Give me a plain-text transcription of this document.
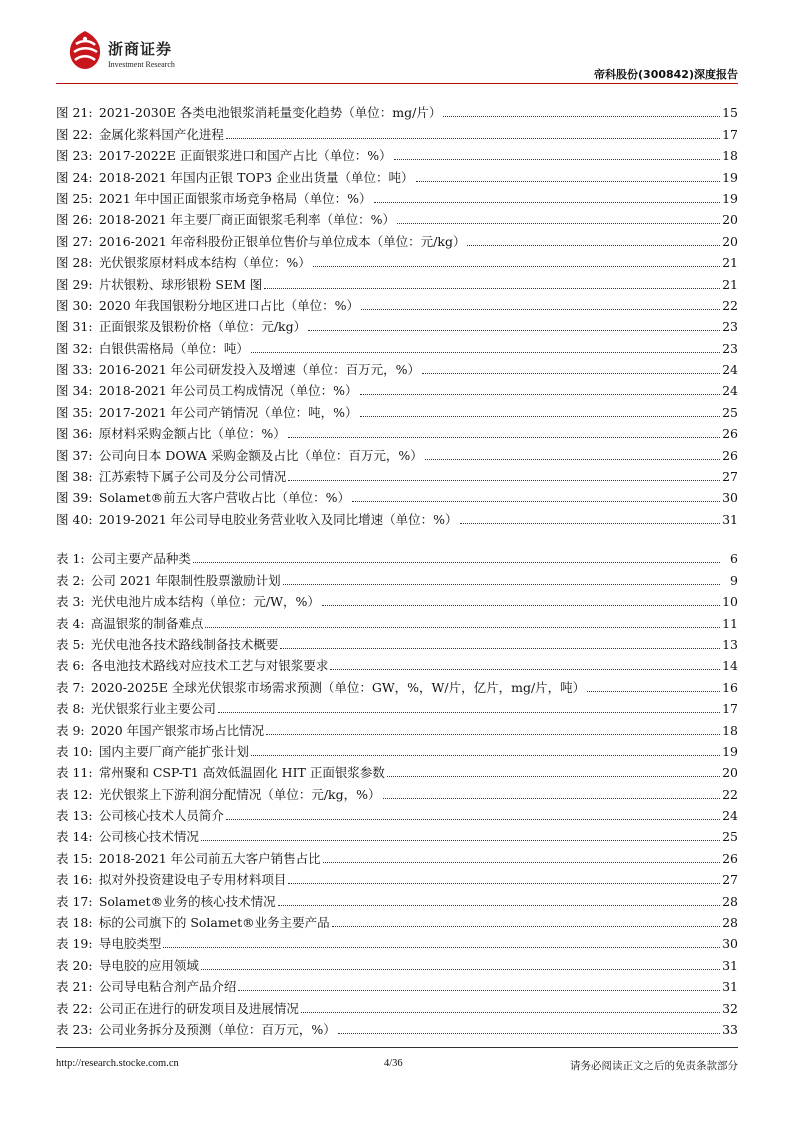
浙商证券
Investment Research
帝科股份(300842)深度报告
图 21:
  2021-2030E 各类电池银浆消耗量变化趋势（单位：mg/片）	15
图 22:
  金属化浆料国产化进程	17
图 23:
  2017-2022E 正面银浆进口和国产占比（单位：%）	18
图 24:
  2018-2021 年国内正银 TOP3 企业出货量（单位：吨）	19
图 25:
  2021 年中国正面银浆市场竞争格局（单位：%）	19
图 26:
  2018-2021 年主要厂商正面银浆毛利率（单位：%）	20
图 27:
  2016-2021 年帝科股份正银单位售价与单位成本（单位：元/kg）	20
图 28:
  光伏银浆原材料成本结构（单位：%）	21
图 29:
  片状银粉、球形银粉 SEM 图	21
图 30:
  2020 年我国银粉分地区进口占比（单位：%）	22
图 31:
  正面银浆及银粉价格（单位：元/kg）	23
图 32:
  白银供需格局（单位：吨）	23
图 33:
  2016-2021 年公司研发投入及增速（单位：百万元，%）	24
图 34:
  2018-2021 年公司员工构成情况（单位：%）	24
图 35:
  2017-2021 年公司产销情况（单位：吨，%）	25
图 36:
  原材料采购金额占比（单位：%）	26
图 37:
  公司向日本 DOWA 采购金额及占比（单位：百万元，%）	26
图 38:
  江苏索特下属子公司及分公司情况	27
图 39:
  Solamet®前五大客户营收占比（单位：%）	30
图 40:
  2019-2021 年公司导电胶业务营业收入及同比增速（单位：%）	31
表 1:
  公司主要产品种类	6
表 2:
  公司 2021 年限制性股票激励计划	9
表 3:
  光伏电池片成本结构（单位：元/W，%）	10
表 4:
  高温银浆的制备难点	11
表 5:
  光伏电池各技术路线制备技术概要	13
表 6:
  各电池技术路线对应技术工艺与对银浆要求	14
表 7:
  2020-2025E 全球光伏银浆市场需求预测（单位：GW，%，W/片，亿片，mg/片，吨）	16
表 8:
  光伏银浆行业主要公司	17
表 9:
  2020 年国产银浆市场占比情况	18
表 10:
  国内主要厂商产能扩张计划	19
表 11:
  常州聚和 CSP-T1 高效低温固化 HIT 正面银浆参数	20
表 12:
  光伏银浆上下游利润分配情况（单位：元/kg，%）	22
表 13:
  公司核心技术人员简介	24
表 14:
  公司核心技术情况	25
表 15:
  2018-2021 年公司前五大客户销售占比	26
表 16:
  拟对外投资建设电子专用材料项目	27
表 17:
  Solamet®业务的核心技术情况	28
表 18:
  标的公司旗下的 Solamet®业务主要产品	28
表 19:
  导电胶类型	30
表 20:
  导电胶的应用领域	31
表 21:
  公司导电粘合剂产品介绍	31
表 22:
  公司正在进行的研发项目及进展情况	32
表 23:
  公司业务拆分及预测（单位：百万元，%）	33
http://research.stocke.com.cn	4/36	请务必阅读正文之后的免责条款部分
